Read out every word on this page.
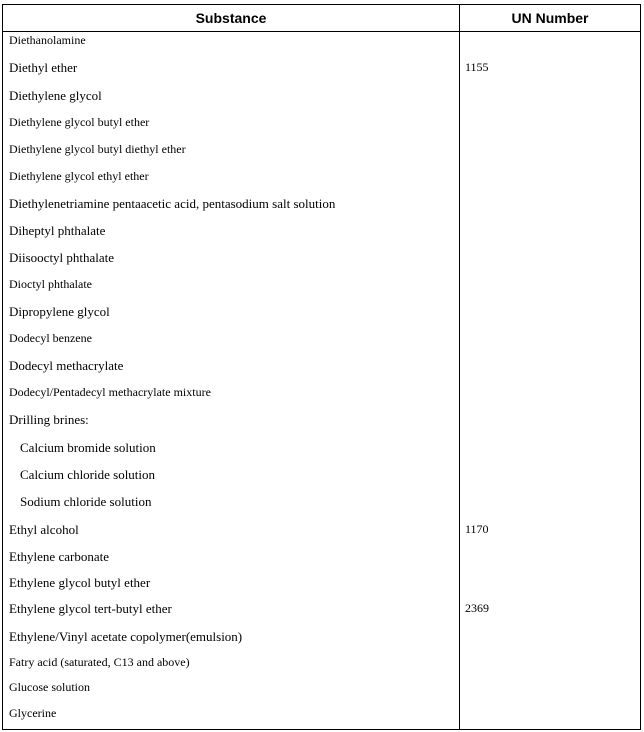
Substance	UN Number
Diethanolamine
Diethyl ether	1155
Diethylene glycol
Diethylene glycol butyl ether
Diethylene glycol butyl diethyl ether
Diethylene glycol ethyl ether
Diethylenetriamine pentaacetic acid, pentasodium salt solution
Diheptyl phthalate
Diisooctyl phthalate
Dioctyl phthalate
Dipropylene glycol
Dodecyl benzene
Dodecyl methacrylate
Dodecyl/Pentadecyl methacrylate mixture
Drilling brines:
Calcium bromide solution
Calcium chloride solution
Sodium chloride solution
Ethyl alcohol	1170
Ethylene carbonate
Ethylene glycol butyl ether
Ethylene glycol tert-butyl ether	2369
Ethylene/Vinyl acetate copolymer(emulsion)
Fatry acid (saturated, C13 and above)
Glucose solution
Glycerine
